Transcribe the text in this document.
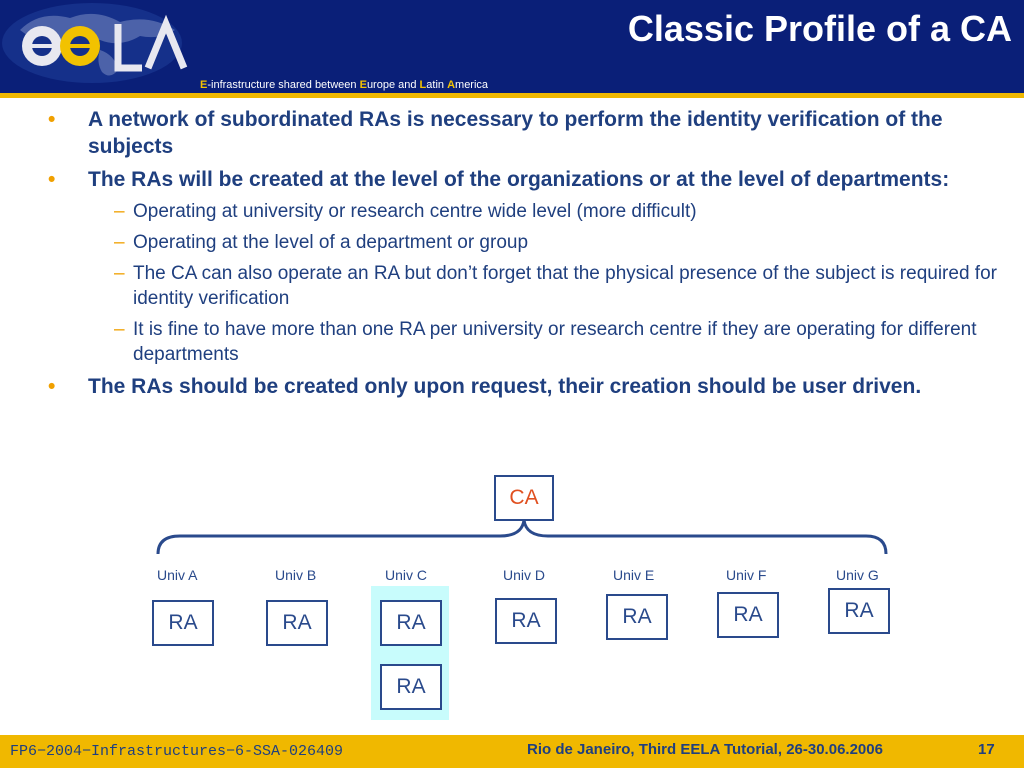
Classic Profile of a CA
E-infrastructure shared between Europe and Latin America
• A network of subordinated RAs is necessary to perform the identity verification of the subjects
• The RAs will be created at the level of the organizations or at the level of departments:
– Operating at university or research centre wide level (more difficult)
– Operating at the level of a department or group
– The CA can also operate an RA but don’t forget that the physical presence of the subject is required for identity verification
– It is fine to have more than one RA per university or research centre if they are operating for different departments
• The RAs should be created only upon request, their creation should be user driven.
CA
Univ A	Univ B	Univ C	Univ D	Univ E	Univ F	Univ G
RA	RA	RA
RA
RA	RA	RA	RA
FP6−2004−Infrastructures−6-SSA-026409	Rio de Janeiro, Third EELA Tutorial, 26-30.06.2006	17
